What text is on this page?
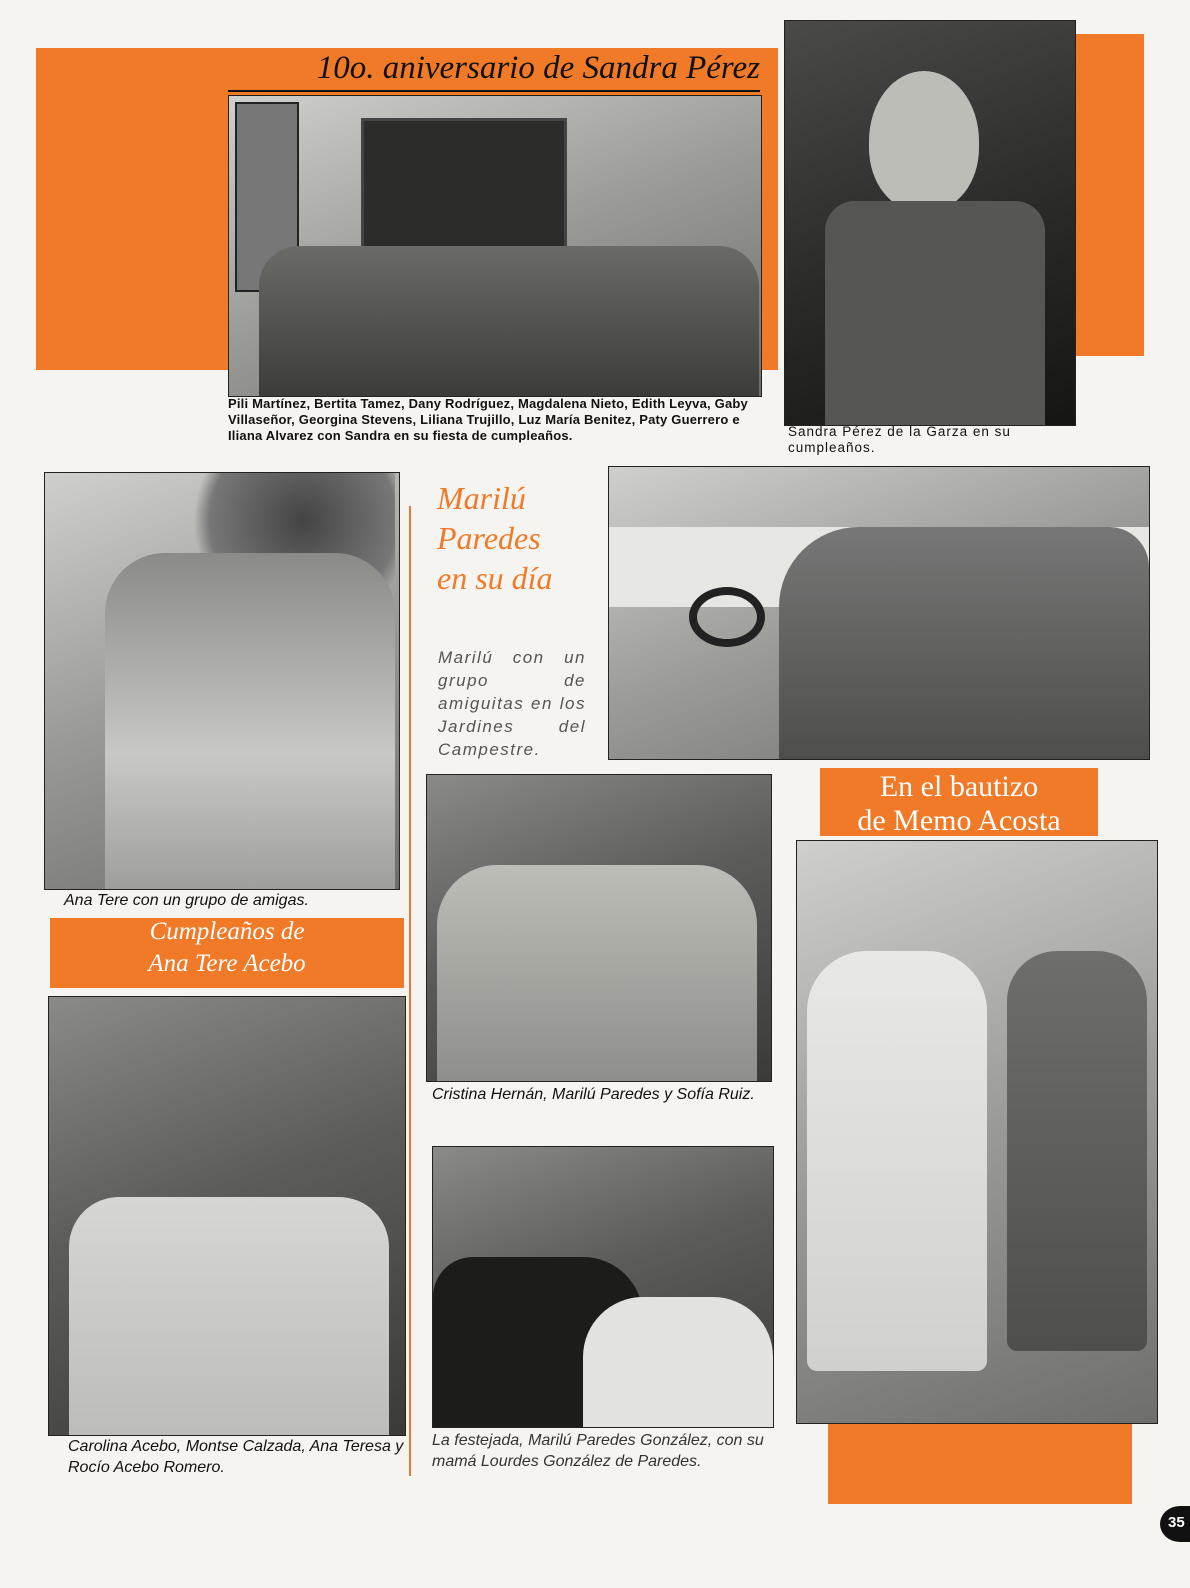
10o. aniversario de Sandra Pérez
Pili Martínez, Bertita Tamez, Dany Rodríguez, Magdalena Nieto, Edith Leyva, Gaby Villaseñor, Georgina Stevens, Liliana Trujillo, Luz María Benitez, Paty Guerrero e Iliana Alvarez con Sandra en su fiesta de cumpleaños.	Sandra Pérez de la Garza en su cumpleaños.
Ana Tere con un grupo de amigas.
Cumpleaños de
Ana Tere Acebo
Carolina Acebo, Montse Calzada, Ana Teresa y Rocío Acebo Romero.
Marilú
Paredes
en su día
Marilú con un grupo de amiguitas en los Jardines del Campestre.
Cristina Hernán, Marilú Paredes y Sofía Ruiz.
La festejada, Marilú Paredes González, con su mamá Lourdes González de Paredes.
En el bautizo
de Memo Acosta
35
